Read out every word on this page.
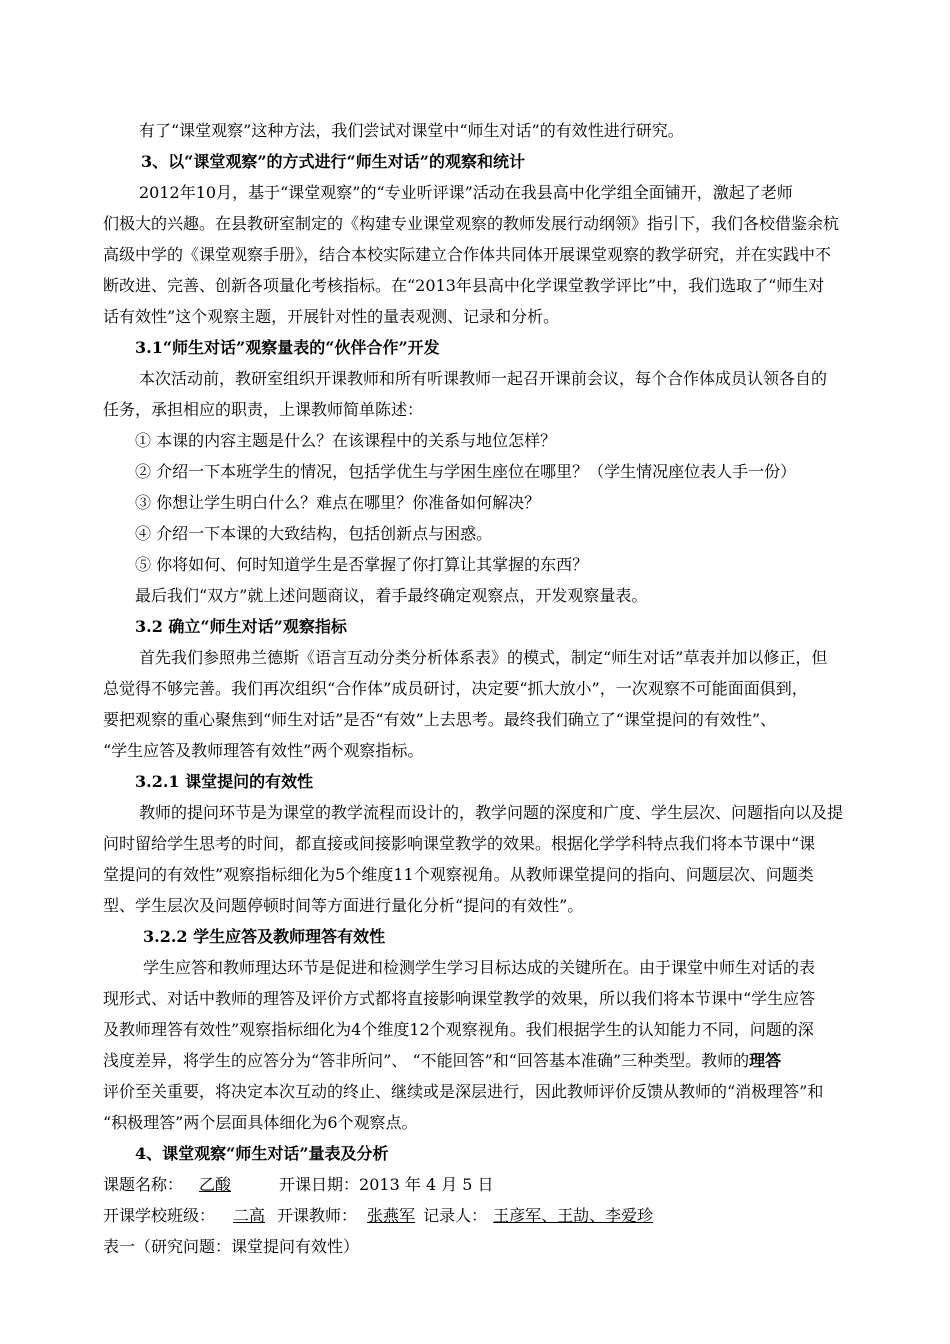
有了“课堂观察”这种方法，我们尝试对课堂中“师生对话”的有效性进行研究。
3、以“课堂观察”的方式进行“师生对话”的观察和统计
2012年10月，基于“课堂观察”的“专业听评课”活动在我县高中化学组全面铺开，激起了老师
们极大的兴趣。在县教研室制定的《构建专业课堂观察的教师发展行动纲领》指引下，我们各校借鉴余杭
高级中学的《课堂观察手册》，结合本校实际建立合作体共同体开展课堂观察的教学研究，并在实践中不
断改进、完善、创新各项量化考核指标。在“2013年县高中化学课堂教学评比”中，我们选取了“师生对
话有效性”这个观察主题，开展针对性的量表观测、记录和分析。
3.1“师生对话”观察量表的“伙伴合作”开发
本次活动前，教研室组织开课教师和所有听课教师一起召开课前会议，每个合作体成员认领各自的
任务，承担相应的职责，上课教师简单陈述：
① 本课的内容主题是什么？在该课程中的关系与地位怎样？
② 介绍一下本班学生的情况，包括学优生与学困生座位在哪里？（学生情况座位表人手一份）
③ 你想让学生明白什么？难点在哪里？你准备如何解决？
④ 介绍一下本课的大致结构，包括创新点与困惑。
⑤ 你将如何、何时知道学生是否掌握了你打算让其掌握的东西？
最后我们“双方”就上述问题商议，着手最终确定观察点，开发观察量表。
3.2 确立“师生对话”观察指标
首先我们参照弗兰德斯《语言互动分类分析体系表》的模式，制定“师生对话”草表并加以修正，但
总觉得不够完善。我们再次组织“合作体”成员研讨，决定要“抓大放小”，一次观察不可能面面俱到，
要把观察的重心聚焦到“师生对话”是否“有效”上去思考。最终我们确立了“课堂提问的有效性”、
“学生应答及教师理答有效性”两个观察指标。
3.2.1 课堂提问的有效性
教师的提问环节是为课堂的教学流程而设计的，教学问题的深度和广度、学生层次、问题指向以及提
问时留给学生思考的时间，都直接或间接影响课堂教学的效果。根据化学学科特点我们将本节课中“课
堂提问的有效性”观察指标细化为5个维度11个观察视角。从教师课堂提问的指向、问题层次、问题类
型、学生层次及问题停顿时间等方面进行量化分析“提问的有效性”。
3.2.2 学生应答及教师理答有效性
学生应答和教师理达环节是促进和检测学生学习目标达成的关键所在。由于课堂中师生对话的表
现形式、对话中教师的理答及评价方式都将直接影响课堂教学的效果，所以我们将本节课中“学生应答
及教师理答有效性”观察指标细化为4个维度12个观察视角。我们根据学生的认知能力不同，问题的深
浅度差异，将学生的应答分为“答非所问”、 “不能回答”和“回答基本准确”三种类型。教师的理答
评价至关重要，将决定本次互动的终止、继续或是深层进行，因此教师评价反馈从教师的“消极理答”和
“积极理答”两个层面具体细化为6个观察点。
4、课堂观察“师生对话”量表及分析
课题名称： 乙酸	开课日期：2013 年 4 月 5 日
开课学校班级： 二高 开课教师： 张燕军 记录人： 王彦军、王劼、李爱珍
表一（研究问题：课堂提问有效性）
